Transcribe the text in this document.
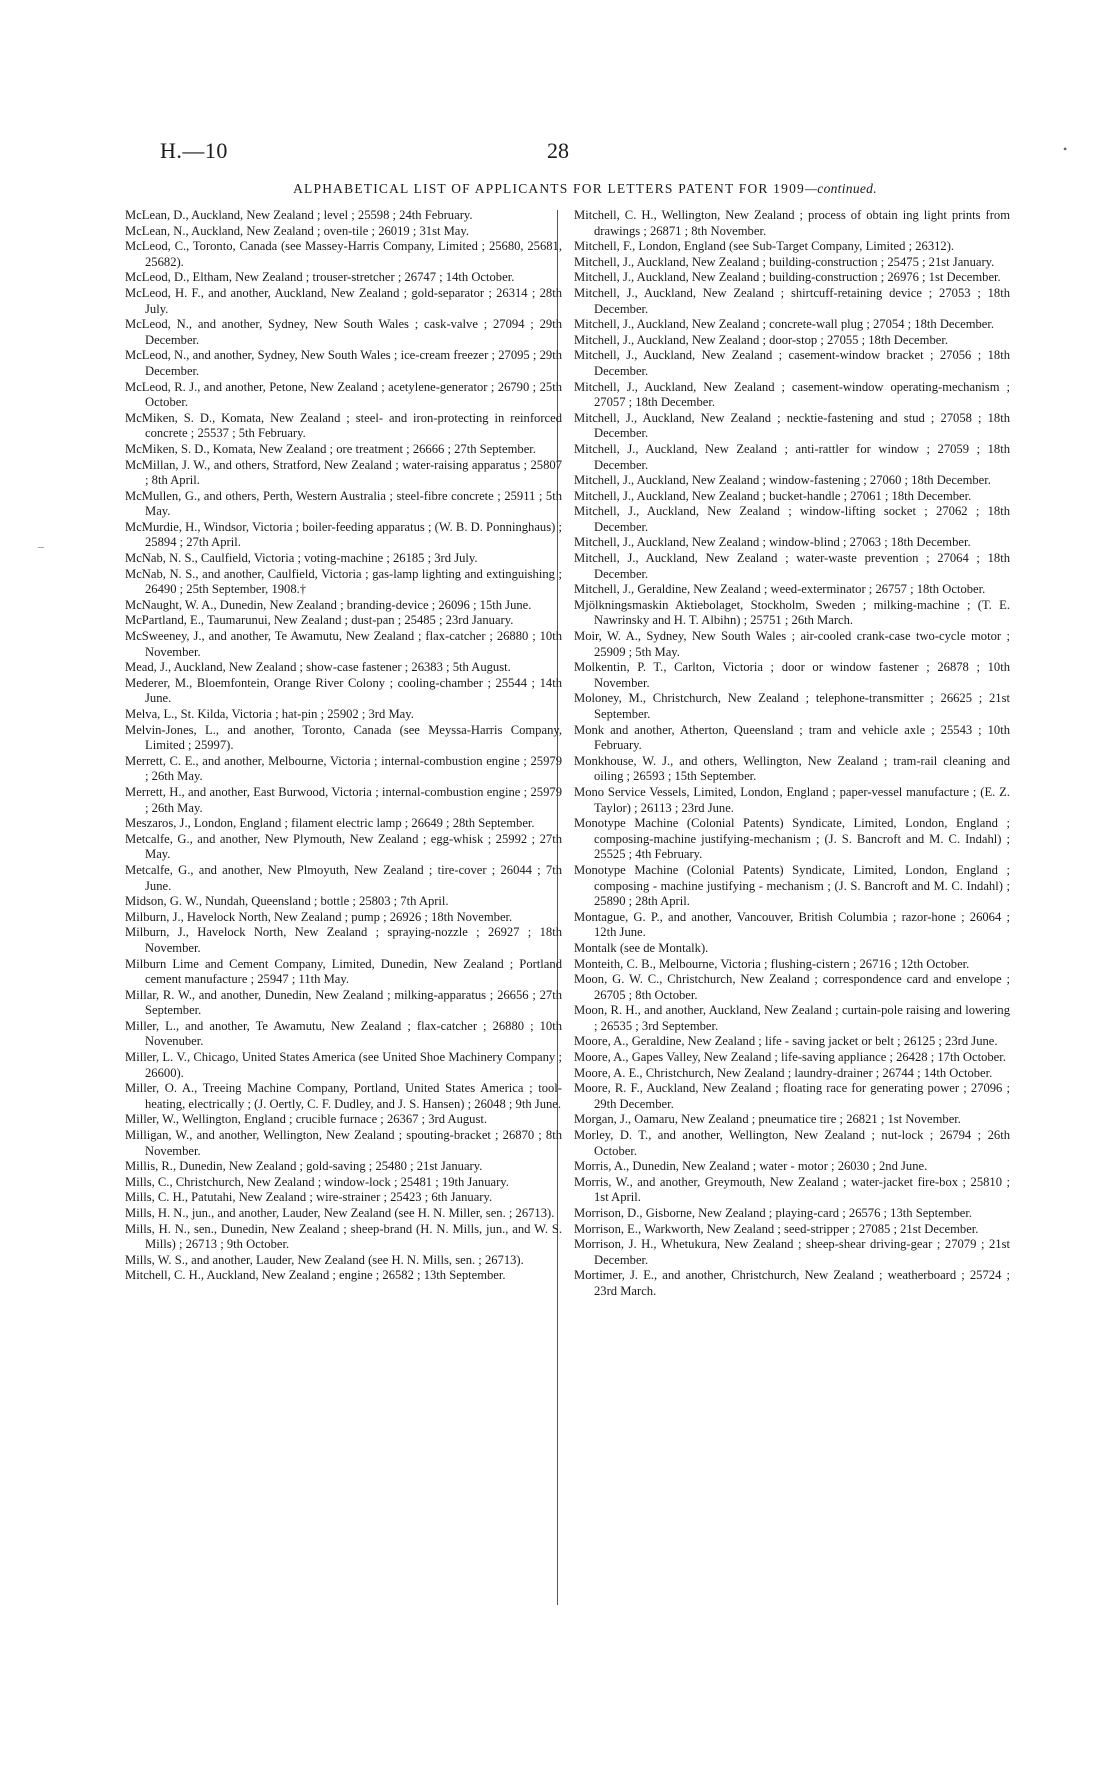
H.—10	28
ALPHABETICAL LIST OF APPLICANTS FOR LETTERS PATENT FOR 1909—continued.

McLean, D., Auckland, New Zealand ; level ; 25598 ; 24th February.

McLean, N., Auckland, New Zealand ; oven-tile ; 26019 ; 31st May.

McLeod, C., Toronto, Canada (see Massey-Harris Company, Limited ; 25680, 25681, 25682).

McLeod, D., Eltham, New Zealand ; trouser-stretcher ; 26747 ; 14th October.

McLeod, H. F., and another, Auckland, New Zealand ; gold-separator ; 26314 ; 28th July.

McLeod, N., and another, Sydney, New South Wales ; cask-valve ; 27094 ; 29th December.

McLeod, N., and another, Sydney, New South Wales ; ice-cream freezer ; 27095 ; 29th December.

McLeod, R. J., and another, Petone, New Zealand ; acetylene-generator ; 26790 ; 25th October.

McMiken, S. D., Komata, New Zealand ; steel- and iron-protecting in reinforced concrete ; 25537 ; 5th February.

McMiken, S. D., Komata, New Zealand ; ore treatment ; 26666 ; 27th September.

McMillan, J. W., and others, Stratford, New Zealand ; water-raising apparatus ; 25807 ; 8th April.

McMullen, G., and others, Perth, Western Australia ; steel-fibre concrete ; 25911 ; 5th May.

McMurdie, H., Windsor, Victoria ; boiler-feeding apparatus ; (W. B. D. Ponninghaus) ; 25894 ; 27th April.

McNab, N. S., Caulfield, Victoria ; voting-machine ; 26185 ; 3rd July.

McNab, N. S., and another, Caulfield, Victoria ; gas-lamp lighting and extinguishing ; 26490 ; 25th September, 1908.†

McNaught, W. A., Dunedin, New Zealand ; branding-device ; 26096 ; 15th June.

McPartland, E., Taumarunui, New Zealand ; dust-pan ; 25485 ; 23rd January.

McSweeney, J., and another, Te Awamutu, New Zealand ; flax-catcher ; 26880 ; 10th November.

Mead, J., Auckland, New Zealand ; show-case fastener ; 26383 ; 5th August.

Mederer, M., Bloemfontein, Orange River Colony ; cooling-chamber ; 25544 ; 14th June.

Melva, L., St. Kilda, Victoria ; hat-pin ; 25902 ; 3rd May.

Melvin-Jones, L., and another, Toronto, Canada (see Meyssa-Harris Company, Limited ; 25997).

Merrett, C. E., and another, Melbourne, Victoria ; internal-combustion engine ; 25979 ; 26th May.

Merrett, H., and another, East Burwood, Victoria ; internal-combustion engine ; 25979 ; 26th May.

Meszaros, J., London, England ; filament electric lamp ; 26649 ; 28th September.

Metcalfe, G., and another, New Plymouth, New Zealand ; egg-whisk ; 25992 ; 27th May.

Metcalfe, G., and another, New Plmoyuth, New Zealand ; tire-cover ; 26044 ; 7th June.

Midson, G. W., Nundah, Queensland ; bottle ; 25803 ; 7th April.

Milburn, J., Havelock North, New Zealand ; pump ; 26926 ; 18th November.

Milburn, J., Havelock North, New Zealand ; spraying-nozzle ; 26927 ; 18th November.

Milburn Lime and Cement Company, Limited, Dunedin, New Zealand ; Portland cement manufacture ; 25947 ; 11th May.

Millar, R. W., and another, Dunedin, New Zealand ; milking-apparatus ; 26656 ; 27th September.

Miller, L., and another, Te Awamutu, New Zealand ; flax-catcher ; 26880 ; 10th Novenuber.

Miller, L. V., Chicago, United States America (see United Shoe Machinery Company ; 26600).

Miller, O. A., Treeing Machine Company, Portland, United States America ; tool-heating, electrically ; (J. Oertly, C. F. Dudley, and J. S. Hansen) ; 26048 ; 9th June.

Miller, W., Wellington, England ; crucible furnace ; 26367 ; 3rd August.

Milligan, W., and another, Wellington, New Zealand ; spouting-bracket ; 26870 ; 8th November.

Millis, R., Dunedin, New Zealand ; gold-saving ; 25480 ; 21st January.

Mills, C., Christchurch, New Zealand ; window-lock ; 25481 ; 19th January.

Mills, C. H., Patutahi, New Zealand ; wire-strainer ; 25423 ; 6th January.

Mills, H. N., jun., and another, Lauder, New Zealand (see H. N. Miller, sen. ; 26713).

Mills, H. N., sen., Dunedin, New Zealand ; sheep-brand (H. N. Mills, jun., and W. S. Mills) ; 26713 ; 9th October.

Mills, W. S., and another, Lauder, New Zealand (see H. N. Mills, sen. ; 26713).

Mitchell, C. H., Auckland, New Zealand ; engine ; 26582 ; 13th September.

Mitchell, C. H., Wellington, New Zealand ; process of obtain ing light prints from drawings ; 26871 ; 8th November.

Mitchell, F., London, England (see Sub-Target Company, Limited ; 26312).

Mitchell, J., Auckland, New Zealand ; building-construction ; 25475 ; 21st January.

Mitchell, J., Auckland, New Zealand ; building-construction ; 26976 ; 1st December.

Mitchell, J., Auckland, New Zealand ; shirtcuff-retaining device ; 27053 ; 18th December.

Mitchell, J., Auckland, New Zealand ; concrete-wall plug ; 27054 ; 18th December.

Mitchell, J., Auckland, New Zealand ; door-stop ; 27055 ; 18th December.

Mitchell, J., Auckland, New Zealand ; casement-window bracket ; 27056 ; 18th December.

Mitchell, J., Auckland, New Zealand ; casement-window operating-mechanism ; 27057 ; 18th December.

Mitchell, J., Auckland, New Zealand ; necktie-fastening and stud ; 27058 ; 18th December.

Mitchell, J., Auckland, New Zealand ; anti-rattler for window ; 27059 ; 18th December.

Mitchell, J., Auckland, New Zealand ; window-fastening ; 27060 ; 18th December.

Mitchell, J., Auckland, New Zealand ; bucket-handle ; 27061 ; 18th December.

Mitchell, J., Auckland, New Zealand ; window-lifting socket ; 27062 ; 18th December.

Mitchell, J., Auckland, New Zealand ; window-blind ; 27063 ; 18th December.

Mitchell, J., Auckland, New Zealand ; water-waste prevention ; 27064 ; 18th December.

Mitchell, J., Geraldine, New Zealand ; weed-exterminator ; 26757 ; 18th October.

Mjölkningsmaskin Aktiebolaget, Stockholm, Sweden ; milking-machine ; (T. E. Nawrinsky and H. T. Albihn) ; 25751 ; 26th March.

Moir, W. A., Sydney, New South Wales ; air-cooled crank-case two-cycle motor ; 25909 ; 5th May.

Molkentin, P. T., Carlton, Victoria ; door or window fastener ; 26878 ; 10th November.

Moloney, M., Christchurch, New Zealand ; telephone-transmitter ; 26625 ; 21st September.

Monk and another, Atherton, Queensland ; tram and vehicle axle ; 25543 ; 10th February.

Monkhouse, W. J., and others, Wellington, New Zealand ; tram-rail cleaning and oiling ; 26593 ; 15th September.

Mono Service Vessels, Limited, London, England ; paper-vessel manufacture ; (E. Z. Taylor) ; 26113 ; 23rd June.

Monotype Machine (Colonial Patents) Syndicate, Limited, London, England ; composing-machine justifying-mechanism ; (J. S. Bancroft and M. C. Indahl) ; 25525 ; 4th February.

Monotype Machine (Colonial Patents) Syndicate, Limited, London, England ; composing - machine justifying - mechanism ; (J. S. Bancroft and M. C. Indahl) ; 25890 ; 28th April.

Montague, G. P., and another, Vancouver, British Columbia ; razor-hone ; 26064 ; 12th June.

Montalk (see de Montalk).

Monteith, C. B., Melbourne, Victoria ; flushing-cistern ; 26716 ; 12th October.

Moon, G. W. C., Christchurch, New Zealand ; correspondence card and envelope ; 26705 ; 8th October.

Moon, R. H., and another, Auckland, New Zealand ; curtain-pole raising and lowering ; 26535 ; 3rd September.

Moore, A., Geraldine, New Zealand ; life - saving jacket or belt ; 26125 ; 23rd June.

Moore, A., Gapes Valley, New Zealand ; life-saving appliance ; 26428 ; 17th October.

Moore, A. E., Christchurch, New Zealand ; laundry-drainer ; 26744 ; 14th October.

Moore, R. F., Auckland, New Zealand ; floating race for generating power ; 27096 ; 29th December.

Morgan, J., Oamaru, New Zealand ; pneumatice tire ; 26821 ; 1st November.

Morley, D. T., and another, Wellington, New Zealand ; nut-lock ; 26794 ; 26th October.

Morris, A., Dunedin, New Zealand ; water - motor ; 26030 ; 2nd June.

Morris, W., and another, Greymouth, New Zealand ; water-jacket fire-box ; 25810 ; 1st April.

Morrison, D., Gisborne, New Zealand ; playing-card ; 26576 ; 13th September.

Morrison, E., Warkworth, New Zealand ; seed-stripper ; 27085 ; 21st December.

Morrison, J. H., Whetukura, New Zealand ; sheep-shear driving-gear ; 27079 ; 21st December.

Mortimer, J. E., and another, Christchurch, New Zealand ; weatherboard ; 25724 ; 23rd March.

–
•
